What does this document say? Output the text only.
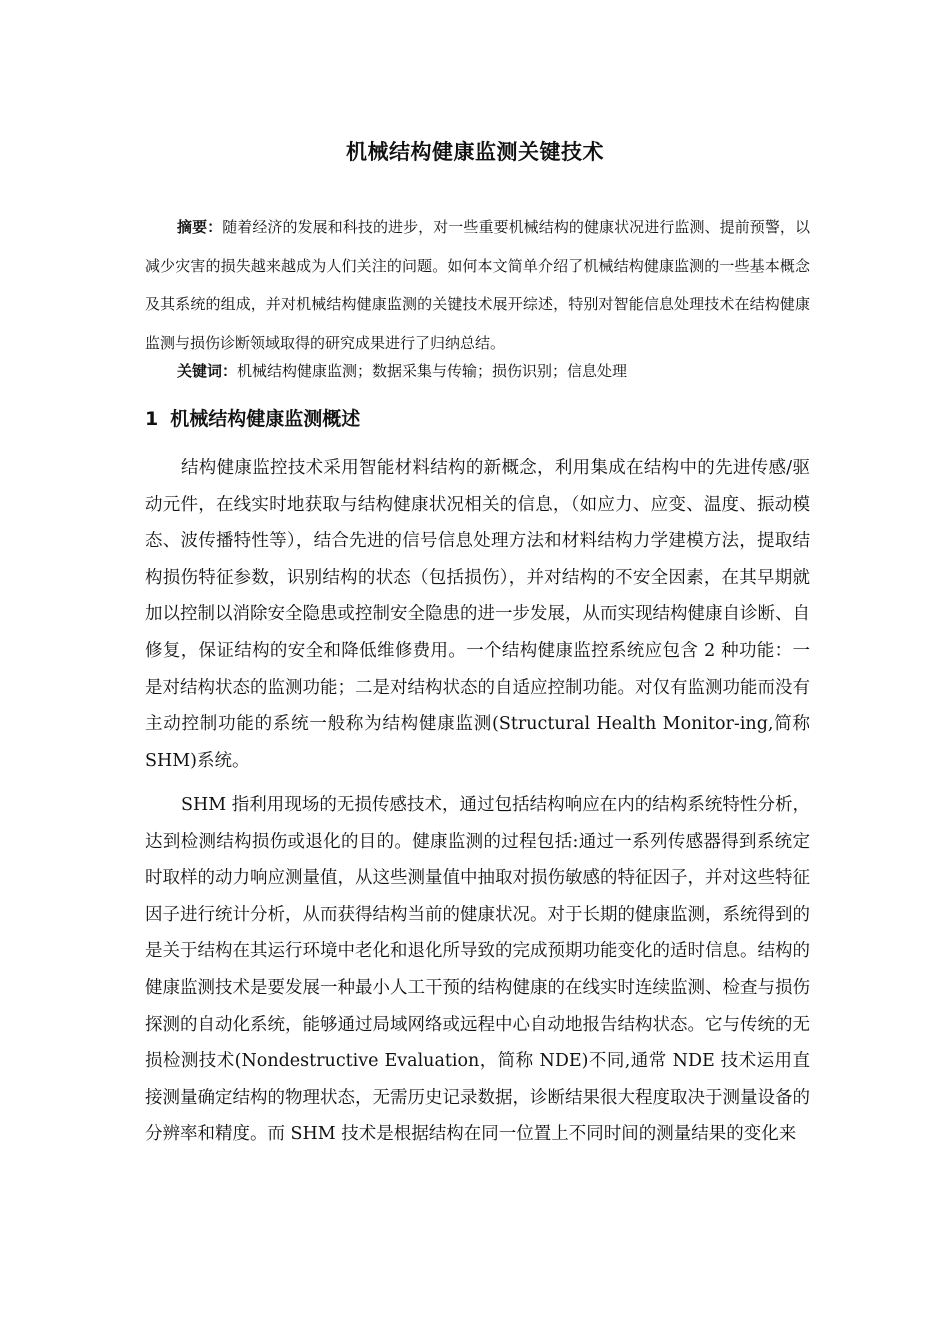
机械结构健康监测关键技术

摘要：随着经济的发展和科技的进步，对一些重要机械结构的健康状况进行监测、提前预警，以减少灾害的损失越来越成为人们关注的问题。如何本文简单介绍了机械结构健康监测的一些基本概念及其系统的组成，并对机械结构健康监测的关键技术展开综述，特别对智能信息处理技术在结构健康监测与损伤诊断领域取得的研究成果进行了归纳总结。

关键词：机械结构健康监测；数据采集与传输；损伤识别；信息处理

1 机械结构健康监测概述

结构健康监控技术采用智能材料结构的新概念，利用集成在结构中的先进传感/驱动元件，在线实时地获取与结构健康状况相关的信息，（如应力、应变、温度、振动模态、波传播特性等），结合先进的信号信息处理方法和材料结构力学建模方法，提取结构损伤特征参数，识别结构的状态（包括损伤），并对结构的不安全因素，在其早期就加以控制以消除安全隐患或控制安全隐患的进一步发展，从而实现结构健康自诊断、自修复，保证结构的安全和降低维修费用。一个结构健康监控系统应包含 2 种功能：一是对结构状态的监测功能；二是对结构状态的自适应控制功能。对仅有监测功能而没有主动控制功能的系统一般称为结构健康监测(Structural Health Monitor-ing,简称 SHM)系统。

SHM 指利用现场的无损传感技术，通过包括结构响应在内的结构系统特性分析，达到检测结构损伤或退化的目的。健康监测的过程包括:通过一系列传感器得到系统定时取样的动力响应测量值，从这些测量值中抽取对损伤敏感的特征因子，并对这些特征因子进行统计分析，从而获得结构当前的健康状况。对于长期的健康监测，系统得到的是关于结构在其运行环境中老化和退化所导致的完成预期功能变化的适时信息。结构的健康监测技术是要发展一种最小人工干预的结构健康的在线实时连续监测、检查与损伤探测的自动化系统，能够通过局域网络或远程中心自动地报告结构状态。它与传统的无损检测技术(Nondestructive Evaluation，简称 NDE)不同,通常 NDE 技术运用直接测量确定结构的物理状态，无需历史记录数据，诊断结果很大程度取决于测量设备的分辨率和精度。而 SHM 技术是根据结构在同一位置上不同时间的测量结果的变化来
